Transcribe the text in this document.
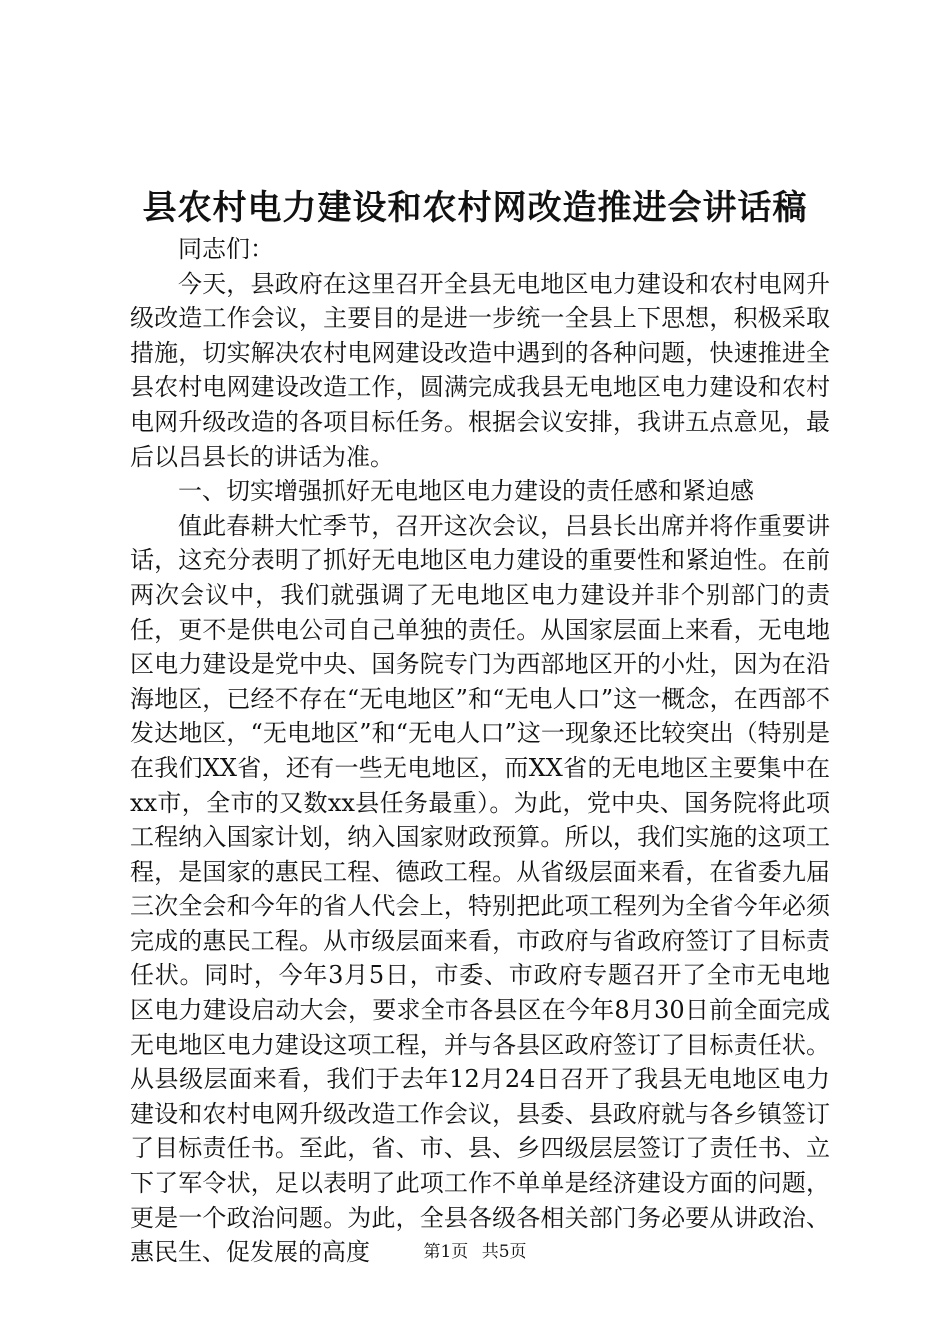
县农村电力建设和农村网改造推进会讲话稿

同志们：

今天，县政府在这里召开全县无电地区电力建设和农村电网升级改造工作会议，主要目的是进一步统一全县上下思想，积极采取措施，切实解决农村电网建设改造中遇到的各种问题，快速推进全县农村电网建设改造工作，圆满完成我县无电地区电力建设和农村电网升级改造的各项目标任务。根据会议安排，我讲五点意见，最后以吕县长的讲话为准。

一、切实增强抓好无电地区电力建设的责任感和紧迫感

值此春耕大忙季节，召开这次会议，吕县长出席并将作重要讲话，这充分表明了抓好无电地区电力建设的重要性和紧迫性。在前两次会议中，我们就强调了无电地区电力建设并非个别部门的责任，更不是供电公司自己单独的责任。从国家层面上来看，无电地区电力建设是党中央、国务院专门为西部地区开的小灶，因为在沿海地区，已经不存在“无电地区”和“无电人口”这一概念，在西部不发达地区，“无电地区”和“无电人口”这一现象还比较突出（特别是在我们XX省，还有一些无电地区，而XX省的无电地区主要集中在xx市，全市的又数xx县任务最重）。为此，党中央、国务院将此项工程纳入国家计划，纳入国家财政预算。所以，我们实施的这项工程，是国家的惠民工程、德政工程。从省级层面来看，在省委九届三次全会和今年的省人代会上，特别把此项工程列为全省今年必须完成的惠民工程。从市级层面来看，市政府与省政府签订了目标责任状。同时，今年3月5日，市委、市政府专题召开了全市无电地区电力建设启动大会，要求全市各县区在今年8月30日前全面完成无电地区电力建设这项工程，并与各县区政府签订了目标责任状。从县级层面来看，我们于去年12月24日召开了我县无电地区电力建设和农村电网升级改造工作会议，县委、县政府就与各乡镇签订了目标责任书。至此，省、市、县、乡四级层层签订了责任书、立下了军令状，足以表明了此项工作不单单是经济建设方面的问题，更是一个政治问题。为此，全县各级各相关部门务必要从讲政治、惠民生、促发展的高度	第1页 共5页
